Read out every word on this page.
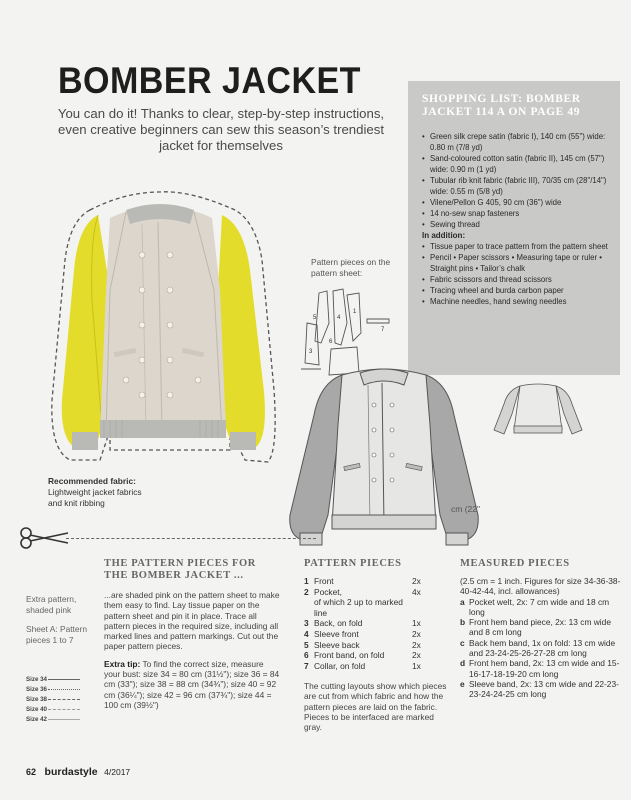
BOMBER JACKET
You can do it! Thanks to clear, step-by-step instructions, even creative beginners can sew this season’s trendiest jacket for themselves
SHOPPING LIST: BOMBER JACKET 114 A ON PAGE 49
• Green silk crepe satin (fabric I), 140 cm (55") wide: 0.80 m (7/8 yd)
• Sand-coloured cotton satin (fabric II), 145 cm (57") wide: 0.90 m (1 yd)
• Tubular rib knit fabric (fabric III), 70/35 cm (28"/14") wide: 0.55 m (5/8 yd)
• Vilene/Pellon G 405, 90 cm (36") wide
• 14 no-sew snap fasteners
• Sewing thread
In addition:
• Tissue paper to trace pattern from the pattern sheet
• Pencil • Paper scissors • Measuring tape or ruler • Straight pins • Tailor’s chalk
• Fabric scissors and thread scissors
• Tracing wheel and burda carbon paper
• Machine needles, hand sewing needles
Recommended fabric:
Lightweight jacket fabrics and knit ribbing
Pattern pieces on the pattern sheet:
5	4
1
3
7
6
cm (22"
THE PATTERN PIECES FOR THE BOMBER JACKET ...
PATTERN PIECES	MEASURED PIECES

Extra pattern, shaded pink

Sheet A: Pattern pieces 1 to 7

Size 34
Size 36
Size 38
Size 40
Size 42

...are shaded pink on the pattern sheet to make them easy to find. Lay tissue paper on the pattern sheet and pin it in place. Trace all pattern pieces in the required size, including all marked lines and pattern markings. Cut out the paper pattern pieces.

Extra tip: To find the correct size, measure your bust: size 34 = 80 cm (31½"); size 36 = 84 cm (33"); size 38 = 88 cm (34¾"); size 40 = 92 cm (36¼"); size 42 = 96 cm (37¾"); size 44 = 100 cm (39½")

1 Front	2x
2 Pocket,	4x
of which 2 up to marked line
3 Back, on fold	1x
4 Sleeve front	2x
5 Sleeve back	2x
6 Front band, on fold	2x
7 Collar, on fold	1x
The cutting layouts show which pieces are cut from which fabric and how the pattern pieces are laid on the fabric. Pieces to be interfaced are marked gray.
(2.5 cm = 1 inch. Figures for size 34-36-38-40-42-44, incl. allowances)
a Pocket welt, 2x: 7 cm wide and 18 cm long
b Front hem band piece, 2x: 13 cm wide and 8 cm long
c Back hem band, 1x on fold: 13 cm wide and 23-24-25-26-27-28 cm long
d Front hem band, 2x: 13 cm wide and 15-16-17-18-19-20 cm long
e Sleeve band, 2x: 13 cm wide and 22-23-23-24-24-25 cm long
62 burdastyle 4/2017
